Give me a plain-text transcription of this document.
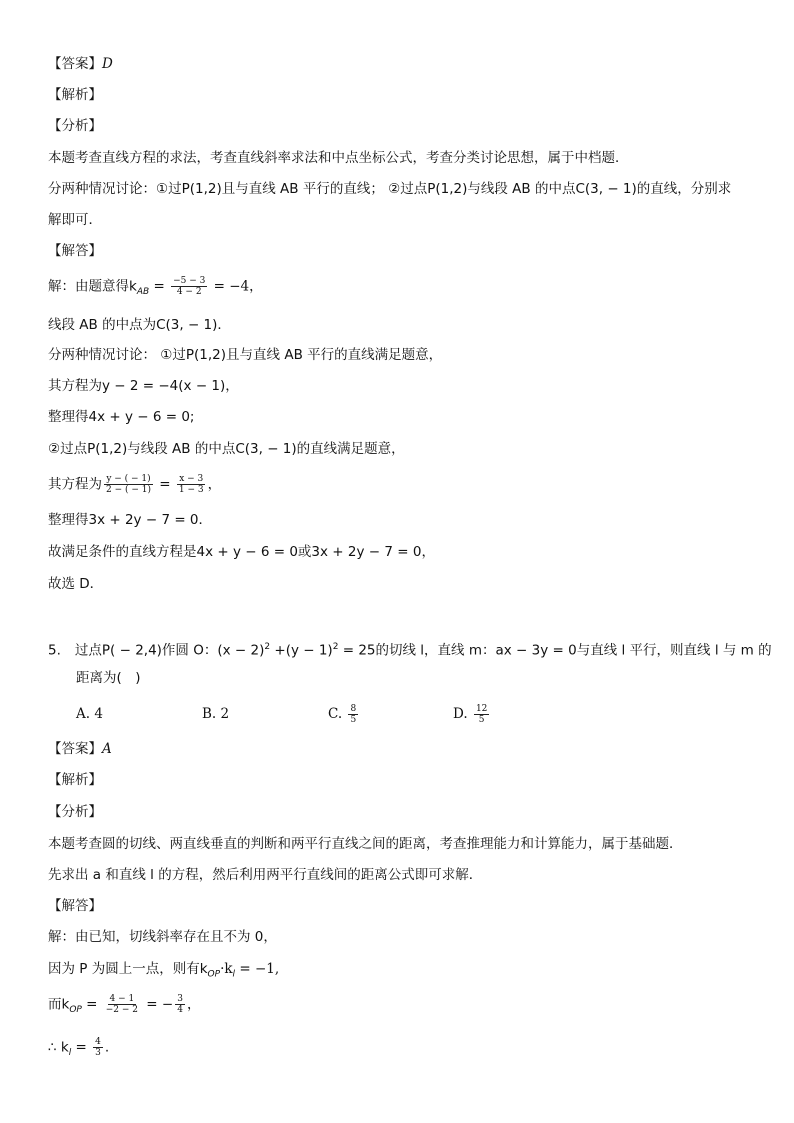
【答案】D
【解析】
【分析】
本题考查直线方程的求法，考查直线斜率求法和中点坐标公式，考查分类讨论思想，属于中档题．
分两种情况讨论：①过P(1,2)且与直线 AB 平行的直线； ②过点P(1,2)与线段 AB 的中点C(3, − 1)的直线，分别求
解即可．
【解答】
解：由题意得$k_{AB} = \frac{-5 - 3}{4 - 2} = -4$，
线段 AB 的中点为C(3, − 1)．
分两种情况讨论： ①过P(1,2)且与直线 AB 平行的直线满足题意，
其方程为y − 2 = −4(x − 1)，
整理得4x + y − 6 = 0;
②过点P(1,2)与线段 AB 的中点C(3, − 1)的直线满足题意，
其方程为 $\frac{y - ( - 1)}{2 - ( - 1)} = \frac{x - 3}{1 - 3}$ ，
整理得3x + 2y − 7 = 0．
故满足条件的直线方程是4x + y − 6 = 0或3x + 2y − 7 = 0，
故选 D．
5. 过点P( − 2,4)作圆 O：$(x - 2)^2 +(y - 1)^2 = 25$的切线 l，直线 m：ax − 3y = 0与直线 l 平行，则直线 l 与 m 的
距离为(　)
A. 4	B. 2	C. $\frac{8}{5}$	D. $\frac{12}{5}$
【答案】A
【解析】
【分析】
本题考查圆的切线、两直线垂直的判断和两平行直线之间的距离，考查推理能力和计算能力，属于基础题．
先求出 a 和直线 l 的方程，然后利用两平行直线间的距离公式即可求解．
【解答】
解：由已知，切线斜率存在且不为 0，
因为 P 为圆上一点，则有$k_{OP}\cdot k_l = -1$,
而$k_{OP} = \frac{4 - 1}{-2 - 2}$ = − $\frac{3}{4}$ ，
∴ $k_l = \frac{4}{3}$ .
